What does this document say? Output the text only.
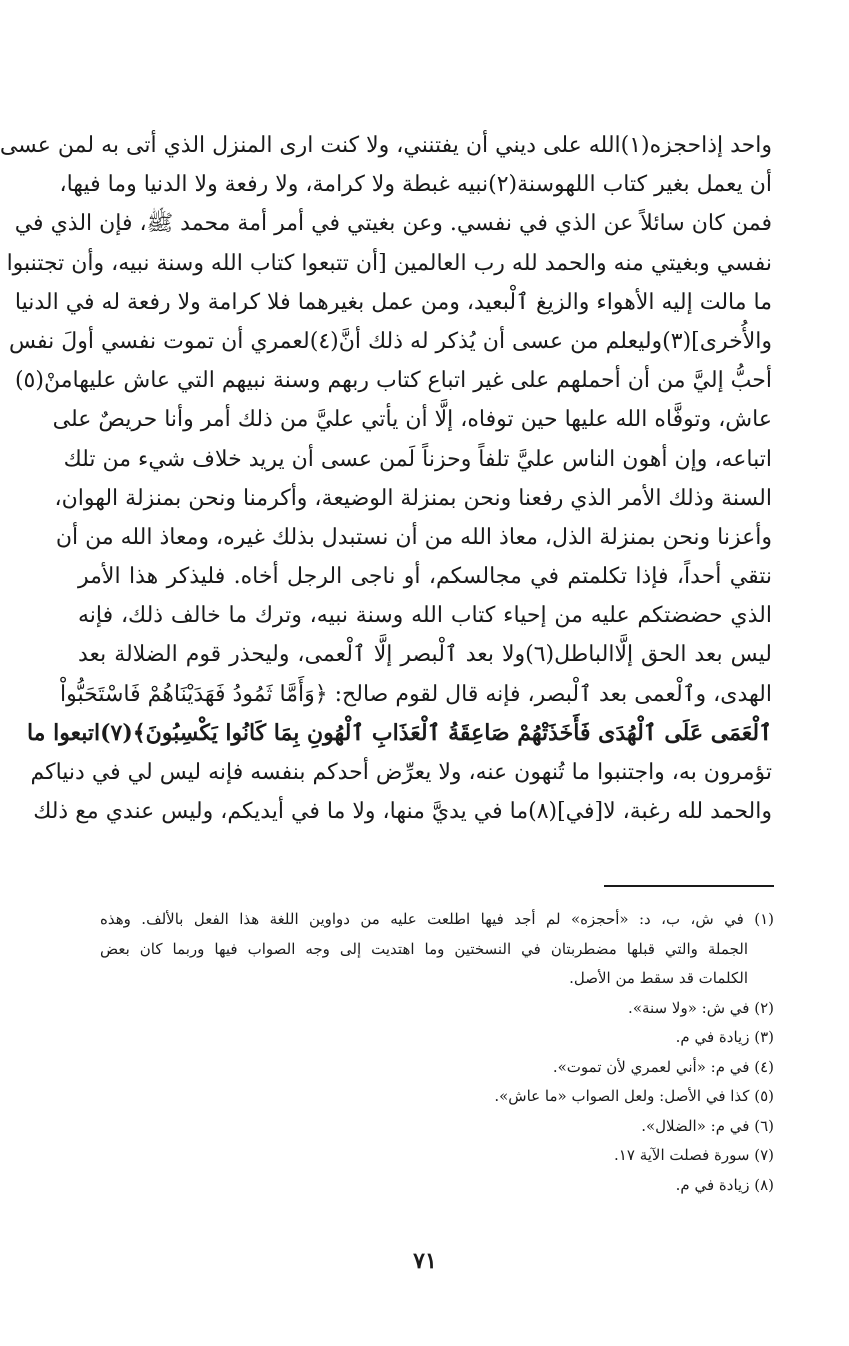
واحد إذاحجزه(١)الله على ديني أن يفتنني، ولا كنت ارى المنزل الذي أتى به لمن عسى
أن يعمل بغير كتاب اللهوسنة(٢)نبيه غبطة ولا كرامة، ولا رفعة ولا الدنيا وما فيها،
فمن كان سائلاً عن الذي في نفسي. وعن بغيتي في أمر أمة محمد ﷺ، فإن الذي في
نفسي وبغيتي منه والحمد لله رب العالمين [أن تتبعوا كتاب الله وسنة نبيه، وأن تجتنبوا
ما مالت إليه الأهواء والزيغ ٱلْبعيد، ومن عمل بغيرهما فلا كرامة ولا رفعة له في الدنيا
والأُخرى](٣)وليعلم من عسى أن يُذكر له ذلك أنَّ(٤)لعمري أن تموت نفسي أولَ نفس
أحبُّ إليَّ من أن أحملهم على غير اتباع كتاب ربهم وسنة نبيهم التي عاش عليهامنْ(٥)
عاش، وتوفَّاه الله عليها حين توفاه، إلَّا أن يأتي عليَّ من ذلك أمر وأنا حريصٌ على
اتباعه، وإن أهون الناس عليَّ تلفاً وحزناً لَمن عسى أن يريد خلاف شيء من تلك
السنة وذلك الأمر الذي رفعنا ونحن بمنزلة الوضيعة، وأكرمنا ونحن بمنزلة الهوان،
وأعزنا ونحن بمنزلة الذل، معاذ الله من أن نستبدل بذلك غيره، ومعاذ الله من أن
نتقي أحداً، فإذا تكلمتم في مجالسكم، أو ناجى الرجل أخاه. فليذكر هذا الأمر
الذي حضضتكم عليه من إحياء كتاب الله وسنة نبيه، وترك ما خالف ذلك، فإنه
ليس بعد الحق إلَّاالباطل(٦)ولا بعد ٱلْبصر إلَّا ٱلْعمى، وليحذر قوم الضلالة بعد
الهدى، وٱلْعمى بعد ٱلْبصر، فإنه قال لقوم صالح: ﴿وَأَمَّا ثَمُودُ فَهَدَيْنَاهُمْ فَاسْتَحَبُّواْ
ٱلْعَمَى عَلَى ٱلْهُدَى فَأَخَذَتْهُمْ صَاعِقَةُ ٱلْعَذَابِ ٱلْهُونِ بِمَا كَانُوا يَكْسِبُونَ﴾(٧)اتبعوا ما
تؤمرون به، واجتنبوا ما تُنهون عنه، ولا يعرِّض أحدكم بنفسه فإنه ليس لي في دنياكم
والحمد لله رغبة، لا[في](٨)ما في يديَّ منها، ولا ما في أيديكم، وليس عندي مع ذلك
(١) في ش، ب، د: «أحجزه» لم أجد فيها اطلعت عليه من دواوين اللغة هذا الفعل بالألف. وهذه
الجملة والتي قبلها مضطربتان في النسختين وما اهتديت إلى وجه الصواب فيها وربما كان بعض
الكلمات قد سقط من الأصل.
(٢) في ش: «ولا سنة».
(٣) زيادة في م.
(٤) في م: «أني لعمري لأن تموت».
(٥) كذا في الأصل: ولعل الصواب «ما عاش».
(٦) في م: «الضلال».
(٧) سورة فصلت الآية ١٧.
(٨) زيادة في م.
٧١
